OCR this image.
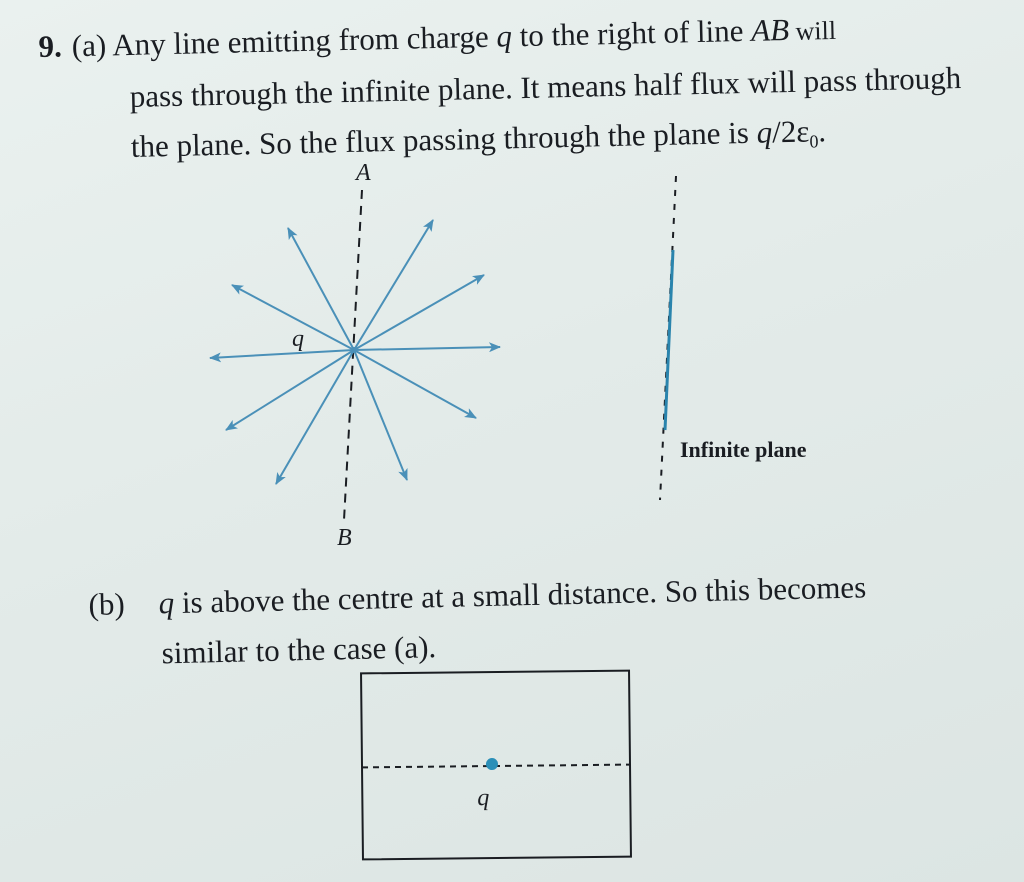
9. (a) Any line emitting from charge q to the right of line AB will
pass through the infinite plane. It means half flux will pass through
the plane. So the flux passing through the plane is $q/2\varepsilon_0$.
A
B
q
Infinite plane
q
(b) q is above the centre at a small distance. So this becomes
similar to the case (a).
